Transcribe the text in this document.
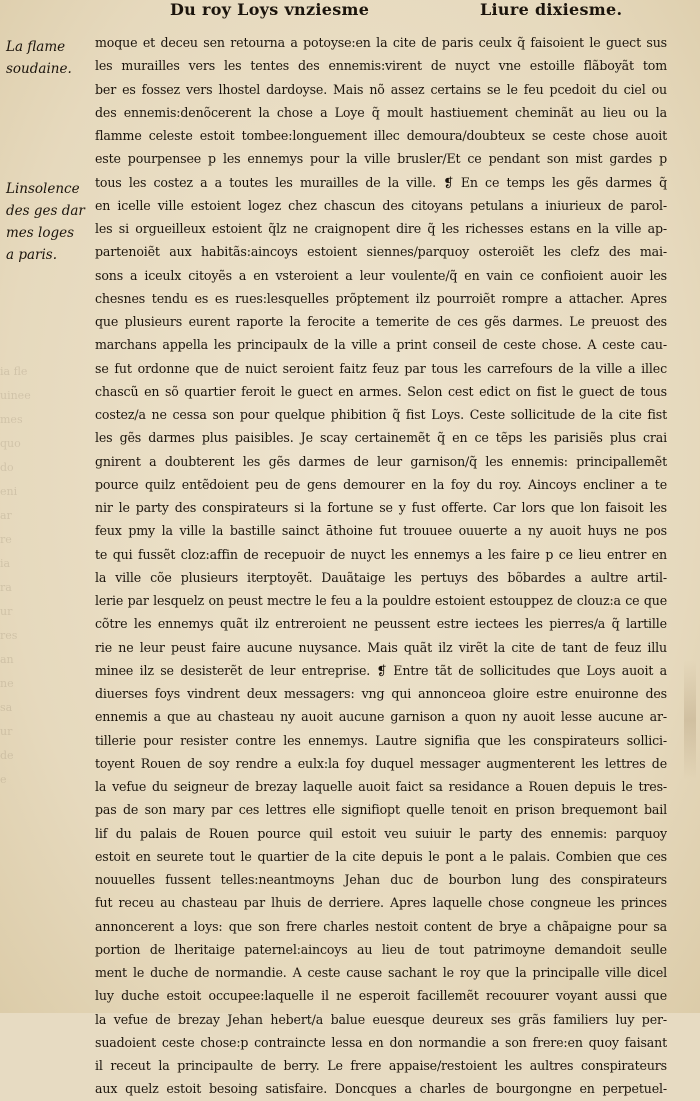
Du roy Loys vnziesme	Liure dixiesme.
La flame
soudaine.
Linsolence
des ges dar
mes loges
a paris.
ia fle
uinee
mes
quo
do
eni
ar
re
ia
ra
ur
res
an
ne
sa
ur
de
e
moque et deceu sen retourna a potoyse:en la cite de paris ceulx q̃ faisoient le guect sus
les murailles vers les tentes des ennemis:virent de nuyct vne estoille flãboyãt tom
ber es fossez vers lhostel dardoyse. Mais nõ assez certains se le feu pcedoit du ciel ou
des ennemis:denõcerent la chose a Loye q̃ moult hastiuement cheminãt au lieu ou la
flamme celeste estoit tombee:longuement illec demoura/doubteux se ceste chose auoit
este pourpensee p les ennemys pour la ville brusler/Et ce pendant son mist gardes p
tous les costez a a toutes les murailles de la ville. ❡ En ce temps les gẽs darmes q̃
en icelle ville estoient logez chez chascun des citoyans petulans a iniurieux de parol-
les si orgueilleux estoient q̃lz ne craignopent dire q̃ les richesses estans en la ville ap-
partenoiẽt aux habitãs:aincoys estoient siennes/parquoy osteroiẽt les clefz des mai-
sons a iceulx citoyẽs a en vsteroient a leur voulente/q̃ en vain ce confioient auoir les
chesnes tendu es es rues:lesquelles prõptement ilz pourroiẽt rompre a attacher. Apres
que plusieurs eurent raporte la ferocite a temerite de ces gẽs darmes. Le preuost des
marchans appella les principaulx de la ville a print conseil de ceste chose. A ceste cau-
se fut ordonne que de nuict seroient faitz feuz par tous les carrefours de la ville a illec
chascũ en sõ quartier feroit le guect en armes. Selon cest edict on fist le guect de tous
costez/a ne cessa son pour quelque phibition q̃ fist Loys. Ceste sollicitude de la cite fist
les gẽs darmes plus paisibles. Je scay certainemẽt q̃ en ce tẽps les parisiẽs plus crai
gnirent a doubterent les gẽs darmes de leur garnison/q̃ les ennemis: principallemẽt
pource quilz entẽdoient peu de gens demourer en la foy du roy. Aincoys encliner a te
nir le party des conspirateurs si la fortune se y fust offerte. Car lors que lon faisoit les
feux pmy la ville la bastille sainct āthoine fut trouuee ouuerte a ny auoit huys ne pos
te qui fussẽt cloz:affin de recepuoir de nuyct les ennemys a les faire p ce lieu entrer en
la ville cõe plusieurs iterptoyẽt. Dauãtaige les pertuys des bõbardes a aultre artil-
lerie par lesquelz on peust mectre le feu a la pouldre estoient estouppez de clouz:a ce que
cõtre les ennemys quãt ilz entreroient ne peussent estre iectees les pierres/a q̃ lartille
rie ne leur peust faire aucune nuysance. Mais quãt ilz virẽt la cite de tant de feuz illu
minee ilz se desisterẽt de leur entreprise. ❡ Entre tãt de sollicitudes que Loys auoit a
diuerses foys vindrent deux messagers: vng qui annonceoa gloire estre enuironne des
ennemis a que au chasteau ny auoit aucune garnison a quon ny auoit lesse aucune ar-
tillerie pour resister contre les ennemys. Lautre signifia que les conspirateurs sollici-
toyent Rouen de soy rendre a eulx:la foy duquel messager augmenterent les lettres de
la vefue du seigneur de brezay laquelle auoit faict sa residance a Rouen depuis le tres-
pas de son mary par ces lettres elle signifiopt quelle tenoit en prison brequemont bail
lif du palais de Rouen pource quil estoit veu suiuir le party des ennemis: parquoy
estoit en seurete tout le quartier de la cite depuis le pont a le palais. Combien que ces
nouuelles fussent telles:neantmoyns Jehan duc de bourbon lung des conspirateurs
fut receu au chasteau par lhuis de derriere. Apres laquelle chose congneue les princes
annoncerent a loys: que son frere charles nestoit content de brye a chãpaigne pour sa
portion de lheritaige paternel:aincoys au lieu de tout patrimoyne demandoit seulle
ment le duche de normandie. A ceste cause sachant le roy que la principalle ville dicel
luy duche estoit occupee:laquelle il ne esperoit facillemẽt recouurer voyant aussi que
la vefue de brezay Jehan hebert/a balue euesque deureux ses grãs familiers luy per-
suadoient ceste chose:p contraincte lessa en don normandie a son frere:en quoy faisant
il receut la principaulte de berry. Le frere appaise/restoient les aultres conspirateurs
aux quelz estoit besoing satisfaire. Doncques a charles de bourgongne en perpetuel-
